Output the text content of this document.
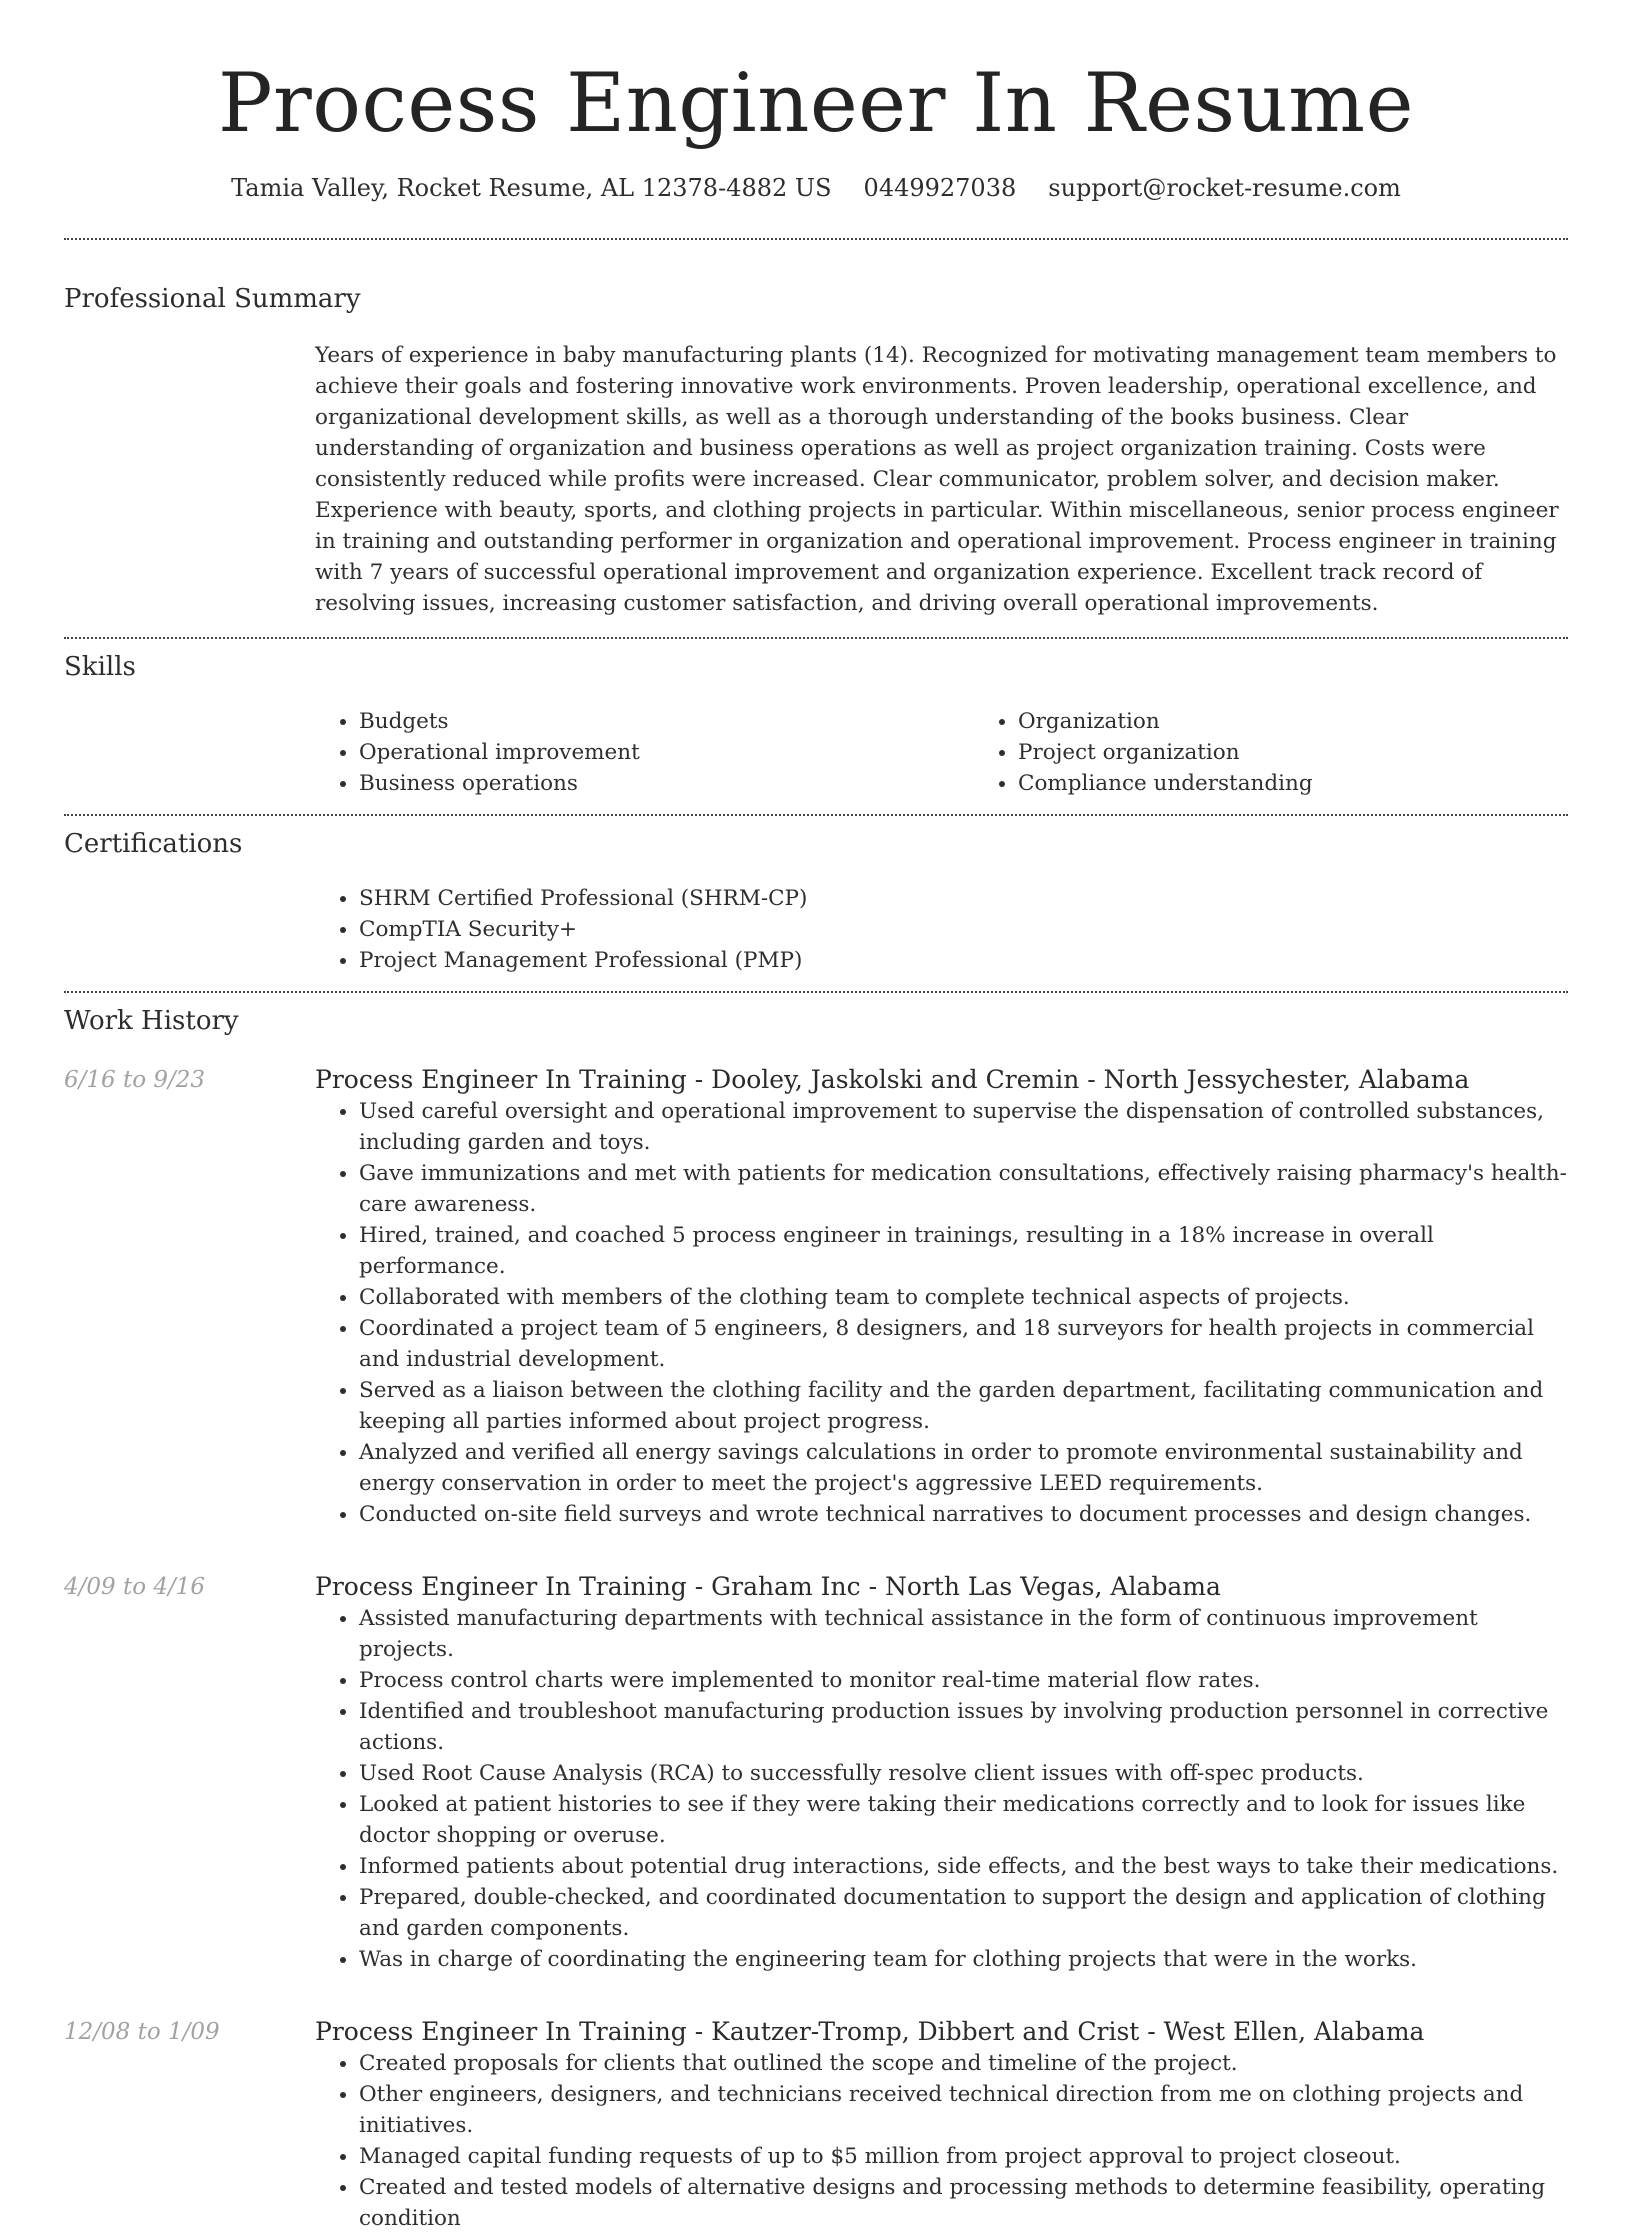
Process Engineer In Resume
Tamia Valley, Rocket Resume, AL 12378-4882 US 0449927038 support@rocket-resume.com
Professional Summary
Years of experience in baby manufacturing plants (14). Recognized for motivating management team members to achieve their goals and fostering innovative work environments. Proven leadership, operational excellence, and organizational development skills, as well as a thorough understanding of the books business. Clear understanding of organization and business operations as well as project organization training. Costs were consistently reduced while profits were increased. Clear communicator, problem solver, and decision maker. Experience with beauty, sports, and clothing projects in particular. Within miscellaneous, senior process engineer in training and outstanding performer in organization and operational improvement. Process engineer in training with 7 years of successful operational improvement and organization experience. Excellent track record of resolving issues, increasing customer satisfaction, and driving overall operational improvements.
Skills
• Budgets
• Operational improvement
• Business operations
• Organization
• Project organization
• Compliance understanding
Certifications
• SHRM Certified Professional (SHRM-CP)
• CompTIA Security+
• Project Management Professional (PMP)
Work History
6/16 to 9/23	Process Engineer In Training - Dooley, Jaskolski and Cremin - North Jessychester, Alabama
• Used careful oversight and operational improvement to supervise the dispensation of controlled substances, including garden and toys.
• Gave immunizations and met with patients for medication consultations, effectively raising pharmacy's health-care awareness.
• Hired, trained, and coached 5 process engineer in trainings, resulting in a 18% increase in overall performance.
• Collaborated with members of the clothing team to complete technical aspects of projects.
• Coordinated a project team of 5 engineers, 8 designers, and 18 surveyors for health projects in commercial and industrial development.
• Served as a liaison between the clothing facility and the garden department, facilitating communication and keeping all parties informed about project progress.
• Analyzed and verified all energy savings calculations in order to promote environmental sustainability and energy conservation in order to meet the project's aggressive LEED requirements.
• Conducted on-site field surveys and wrote technical narratives to document processes and design changes.
4/09 to 4/16	Process Engineer In Training - Graham Inc - North Las Vegas, Alabama
• Assisted manufacturing departments with technical assistance in the form of continuous improvement projects.
• Process control charts were implemented to monitor real-time material flow rates.
• Identified and troubleshoot manufacturing production issues by involving production personnel in corrective actions.
• Used Root Cause Analysis (RCA) to successfully resolve client issues with off-spec products.
• Looked at patient histories to see if they were taking their medications correctly and to look for issues like doctor shopping or overuse.
• Informed patients about potential drug interactions, side effects, and the best ways to take their medications.
• Prepared, double-checked, and coordinated documentation to support the design and application of clothing and garden components.
• Was in charge of coordinating the engineering team for clothing projects that were in the works.
12/08 to 1/09	Process Engineer In Training - Kautzer-Tromp, Dibbert and Crist - West Ellen, Alabama
• Created proposals for clients that outlined the scope and timeline of the project.
• Other engineers, designers, and technicians received technical direction from me on clothing projects and initiatives.
• Managed capital funding requests of up to $5 million from project approval to project closeout.
• Created and tested models of alternative designs and processing methods to determine feasibility, operating condition
